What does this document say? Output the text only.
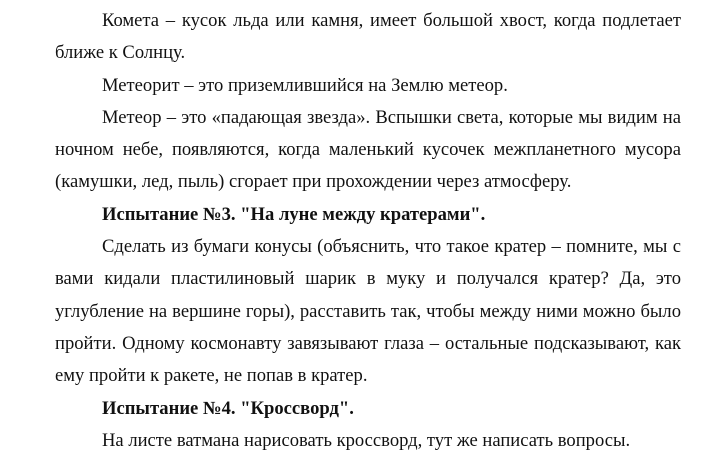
Комета – кусок льда или камня, имеет большой хвост, когда подлетает ближе к Солнцу.

Метеорит – это приземлившийся на Землю метеор.

Метеор – это «падающая звезда». Вспышки света, которые мы видим на ночном небе, появляются, когда маленький кусочек межпланетного мусора (камушки, лед, пыль) сгорает при прохождении через атмосферу.

Испытание №3. "На луне между кратерами".

Сделать из бумаги конусы (объяснить, что такое кратер – помните, мы с вами кидали пластилиновый шарик в муку и получался кратер? Да, это углубление на вершине горы), расставить так, чтобы между ними можно было пройти. Одному космонавту завязывают глаза – остальные подсказывают, как ему пройти к ракете, не попав в кратер.

Испытание №4. "Кроссворд".

На листе ватмана нарисовать кроссворд, тут же написать вопросы.
